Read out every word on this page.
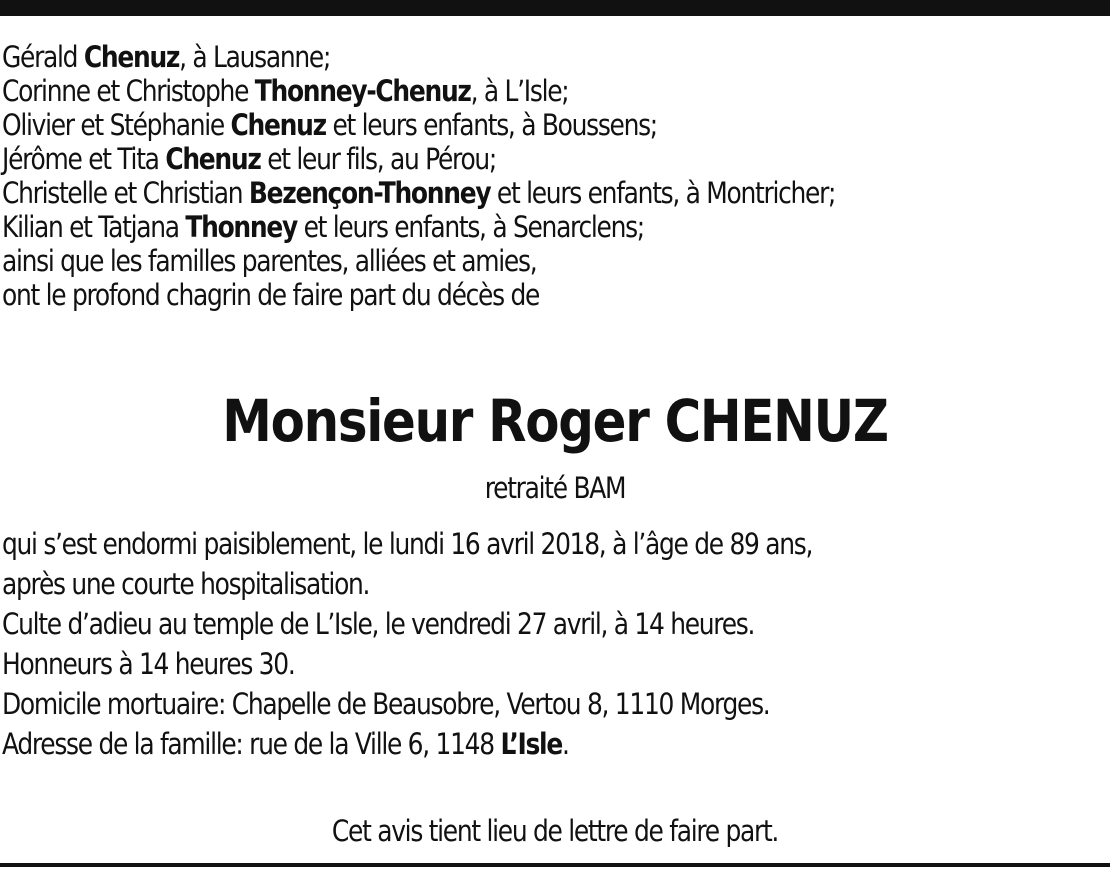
Gérald Chenuz, à Lausanne;
Corinne et Christophe Thonney-Chenuz, à L’Isle;
Olivier et Stéphanie Chenuz et leurs enfants, à Boussens;
Jérôme et Tita Chenuz et leur fils, au Pérou;
Christelle et Christian Bezençon-Thonney et leurs enfants, à Montricher;
Kilian et Tatjana Thonney et leurs enfants, à Senarclens;
ainsi que les familles parentes, alliées et amies,
ont le profond chagrin de faire part du décès de
Monsieur Roger CHENUZ
retraité BAM
qui s’est endormi paisiblement, le lundi 16 avril 2018, à l’âge de 89 ans,
après une courte hospitalisation.
Culte d’adieu au temple de L’Isle, le vendredi 27 avril, à 14 heures.
Honneurs à 14 heures 30.
Domicile mortuaire: Chapelle de Beausobre, Vertou 8, 1110 Morges.
Adresse de la famille: rue de la Ville 6, 1148 L’Isle.
Cet avis tient lieu de lettre de faire part.
